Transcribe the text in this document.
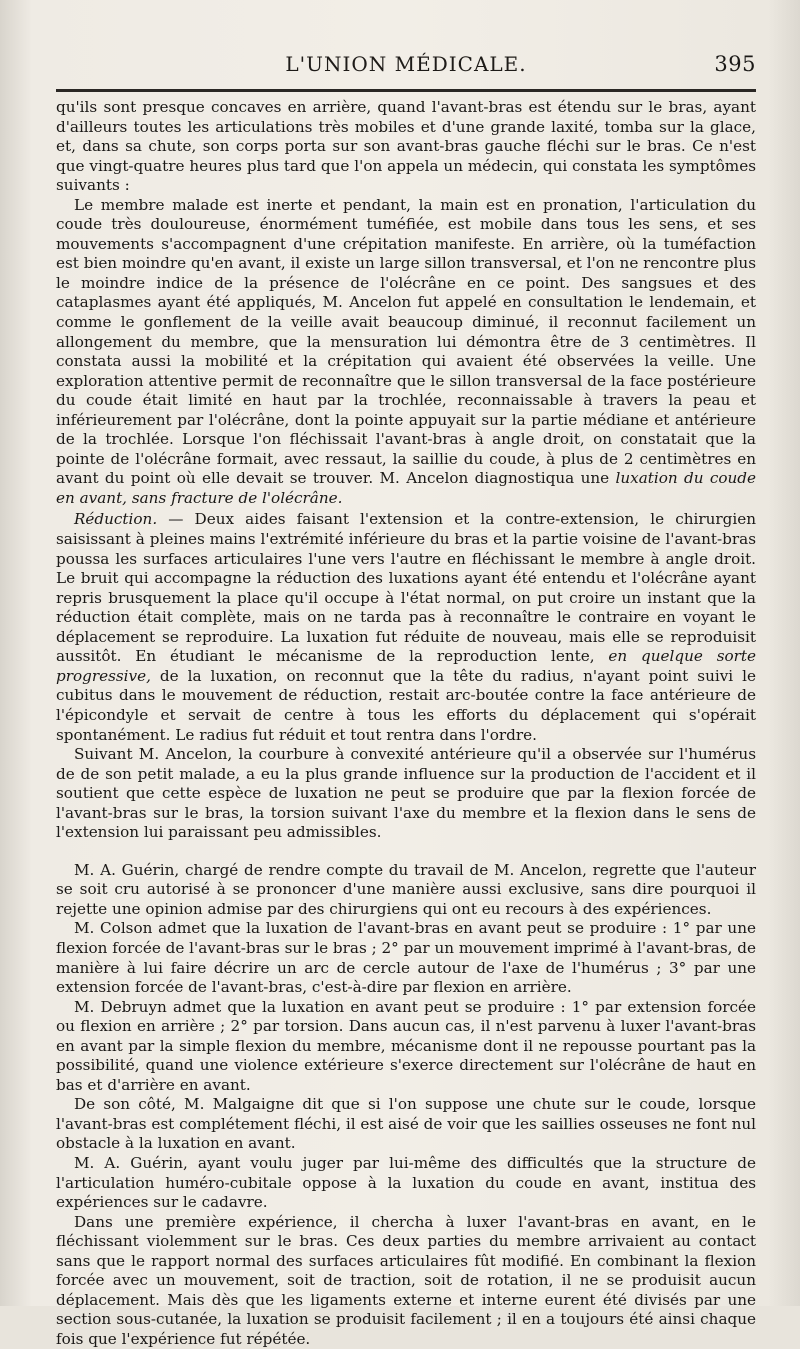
L'UNION MÉDICALE.	395

qu'ils sont presque concaves en arrière, quand l'avant-bras est étendu sur le bras, ayant d'ailleurs toutes les articulations très mobiles et d'une grande laxité, tomba sur la glace, et, dans sa chute, son corps porta sur son avant-bras gauche fléchi sur le bras. Ce n'est que vingt-quatre heures plus tard que l'on appela un médecin, qui constata les symptômes suivants :

Le membre malade est inerte et pendant, la main est en pronation, l'articulation du coude très douloureuse, énormément tuméfiée, est mobile dans tous les sens, et ses mouvements s'accompagnent d'une crépitation manifeste. En arrière, où la tuméfaction est bien moindre qu'en avant, il existe un large sillon transversal, et l'on ne rencontre plus le moindre indice de la présence de l'olécrâne en ce point. Des sangsues et des cataplasmes ayant été appliqués, M. Ancelon fut appelé en consultation le lendemain, et comme le gonflement de la veille avait beaucoup diminué, il reconnut facilement un allongement du membre, que la mensuration lui démontra être de 3 centimètres. Il constata aussi la mobilité et la crépitation qui avaient été observées la veille. Une exploration attentive permit de reconnaître que le sillon transversal de la face postérieure du coude était limité en haut par la trochlée, reconnaissable à travers la peau et inférieurement par l'olécrâne, dont la pointe appuyait sur la partie médiane et antérieure de la trochlée. Lorsque l'on fléchissait l'avant-bras à angle droit, on constatait que la pointe de l'olécrâne formait, avec ressaut, la saillie du coude, à plus de 2 centimètres en avant du point où elle devait se trouver. M. Ancelon diagnostiqua une luxation du coude en avant, sans fracture de l'olécrâne.

Réduction. — Deux aides faisant l'extension et la contre-extension, le chirurgien saisissant à pleines mains l'extrémité inférieure du bras et la partie voisine de l'avant-bras poussa les surfaces articulaires l'une vers l'autre en fléchissant le membre à angle droit. Le bruit qui accompagne la réduction des luxations ayant été entendu et l'olécrâne ayant repris brusquement la place qu'il occupe à l'état normal, on put croire un instant que la réduction était complète, mais on ne tarda pas à reconnaître le contraire en voyant le déplacement se reproduire. La luxation fut réduite de nouveau, mais elle se reproduisit aussitôt. En étudiant le mécanisme de la reproduction lente, en quelque sorte progressive, de la luxation, on reconnut que la tête du radius, n'ayant point suivi le cubitus dans le mouvement de réduction, restait arc-boutée contre la face antérieure de l'épicondyle et servait de centre à tous les efforts du déplacement qui s'opérait spontanément. Le radius fut réduit et tout rentra dans l'ordre.

Suivant M. Ancelon, la courbure à convexité antérieure qu'il a observée sur l'humérus de de son petit malade, a eu la plus grande influence sur la production de l'accident et il soutient que cette espèce de luxation ne peut se produire que par la flexion forcée de l'avant-bras sur le bras, la torsion suivant l'axe du membre et la flexion dans le sens de l'extension lui paraissant peu admissibles.

M. A. Guérin, chargé de rendre compte du travail de M. Ancelon, regrette que l'auteur se soit cru autorisé à se prononcer d'une manière aussi exclusive, sans dire pourquoi il rejette une opinion admise par des chirurgiens qui ont eu recours à des expériences.

M. Colson admet que la luxation de l'avant-bras en avant peut se produire : 1° par une flexion forcée de l'avant-bras sur le bras ; 2° par un mouvement imprimé à l'avant-bras, de manière à lui faire décrire un arc de cercle autour de l'axe de l'humérus ; 3° par une extension forcée de l'avant-bras, c'est-à-dire par flexion en arrière.

M. Debruyn admet que la luxation en avant peut se produire : 1° par extension forcée ou flexion en arrière ; 2° par torsion. Dans aucun cas, il n'est parvenu à luxer l'avant-bras en avant par la simple flexion du membre, mécanisme dont il ne repousse pourtant pas la possibilité, quand une violence extérieure s'exerce directement sur l'olécrâne de haut en bas et d'arrière en avant.

De son côté, M. Malgaigne dit que si l'on suppose une chute sur le coude, lorsque l'avant-bras est complétement fléchi, il est aisé de voir que les saillies osseuses ne font nul obstacle à la luxation en avant.

M. A. Guérin, ayant voulu juger par lui-même des difficultés que la structure de l'articulation huméro-cubitale oppose à la luxation du coude en avant, institua des expériences sur le cadavre.

Dans une première expérience, il chercha à luxer l'avant-bras en avant, en le fléchissant violemment sur le bras. Ces deux parties du membre arrivaient au contact sans que le rapport normal des surfaces articulaires fût modifié. En combinant la flexion forcée avec un mouvement, soit de traction, soit de rotation, il ne se produisit aucun déplacement. Mais dès que les ligaments externe et interne eurent été divisés par une section sous-cutanée, la luxation se produisit facilement ; il en a toujours été ainsi chaque fois que l'expérience fut répétée.
